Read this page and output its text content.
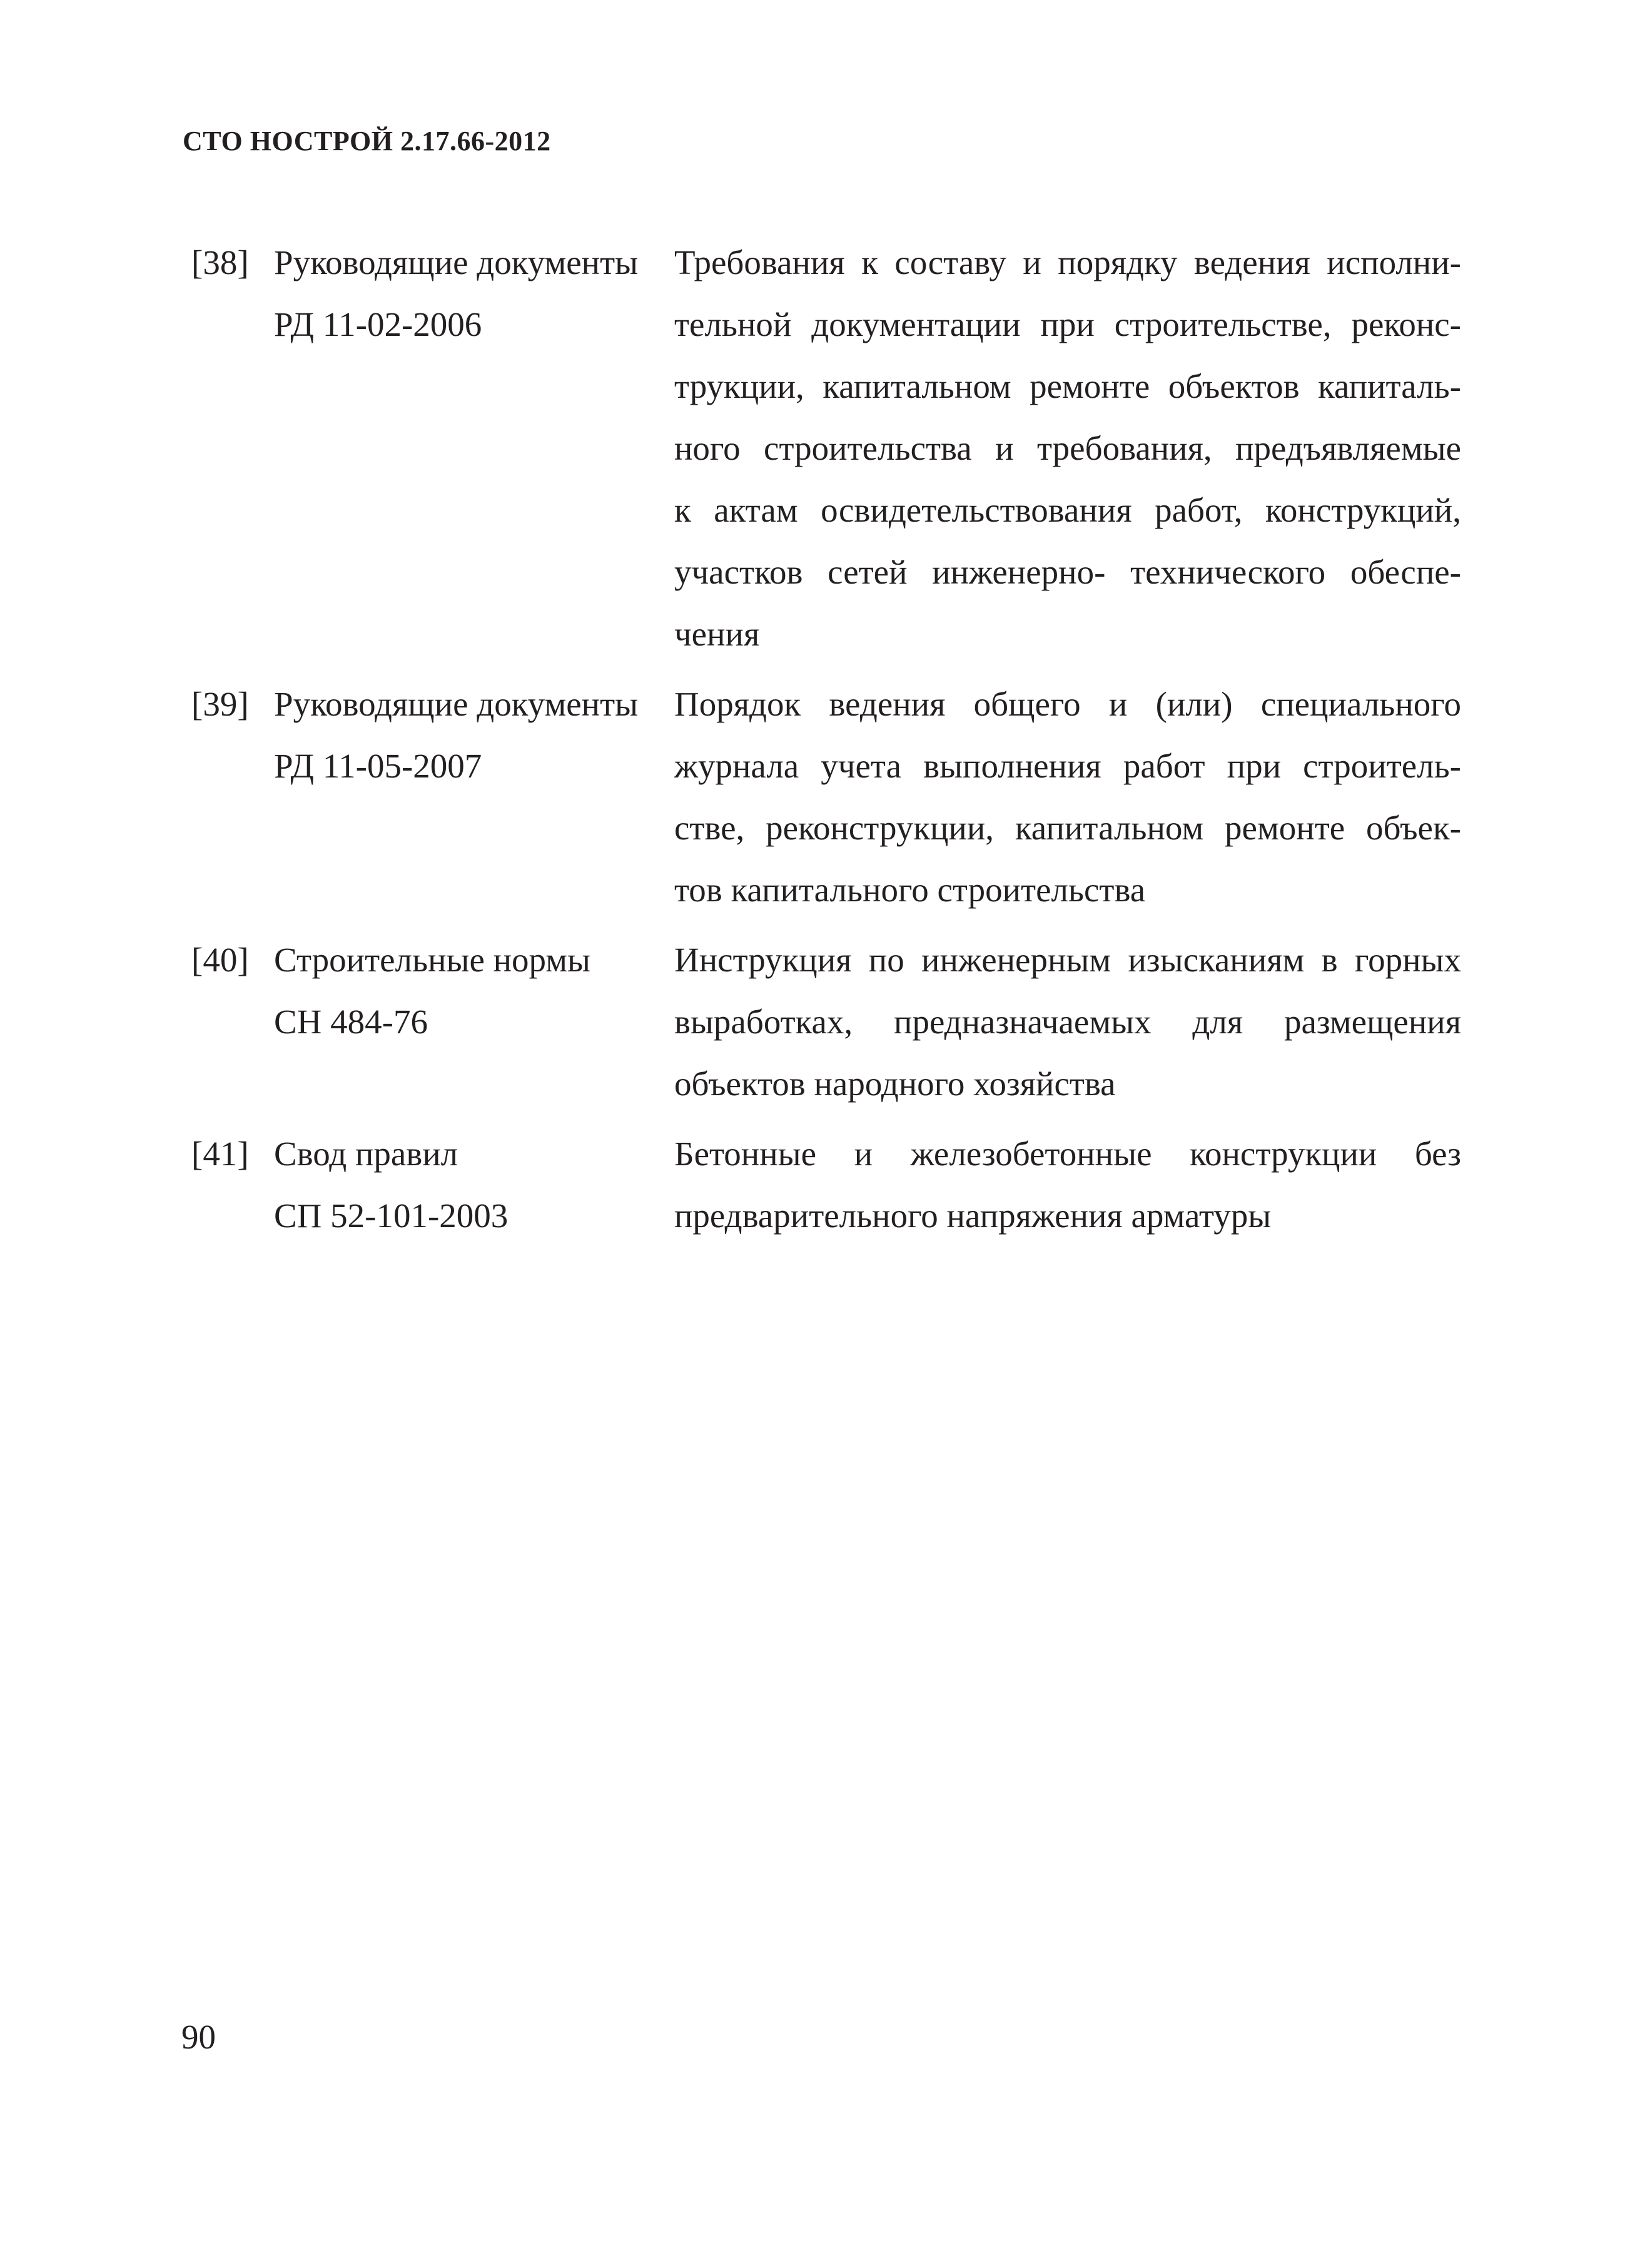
СТО НОСТРОЙ 2.17.66-2012
[38] Руководящие документы
РД 11-02-2006
Требования к составу и порядку ведения исполни-
тельной документации при строительстве, реконс-
трукции, капитальном ремонте объектов капиталь-
ного строительства и требования, предъявляемые
к актам освидетельствования работ, конструкций,
участков сетей инженерно- технического обеспе-
чения
[39] Руководящие документы
РД 11-05-2007
Порядок ведения общего и (или) специального
журнала учета выполнения работ при строитель-
стве, реконструкции, капитальном ремонте объек-
тов капитального строительства
[40] Строительные нормы
СН 484-76
Инструкция по инженерным изысканиям в горных
выработках, предназначаемых для размещения
объектов народного хозяйства
[41] Свод правил
СП 52-101-2003
Бетонные и железобетонные конструкции без
предварительного напряжения арматуры
90
